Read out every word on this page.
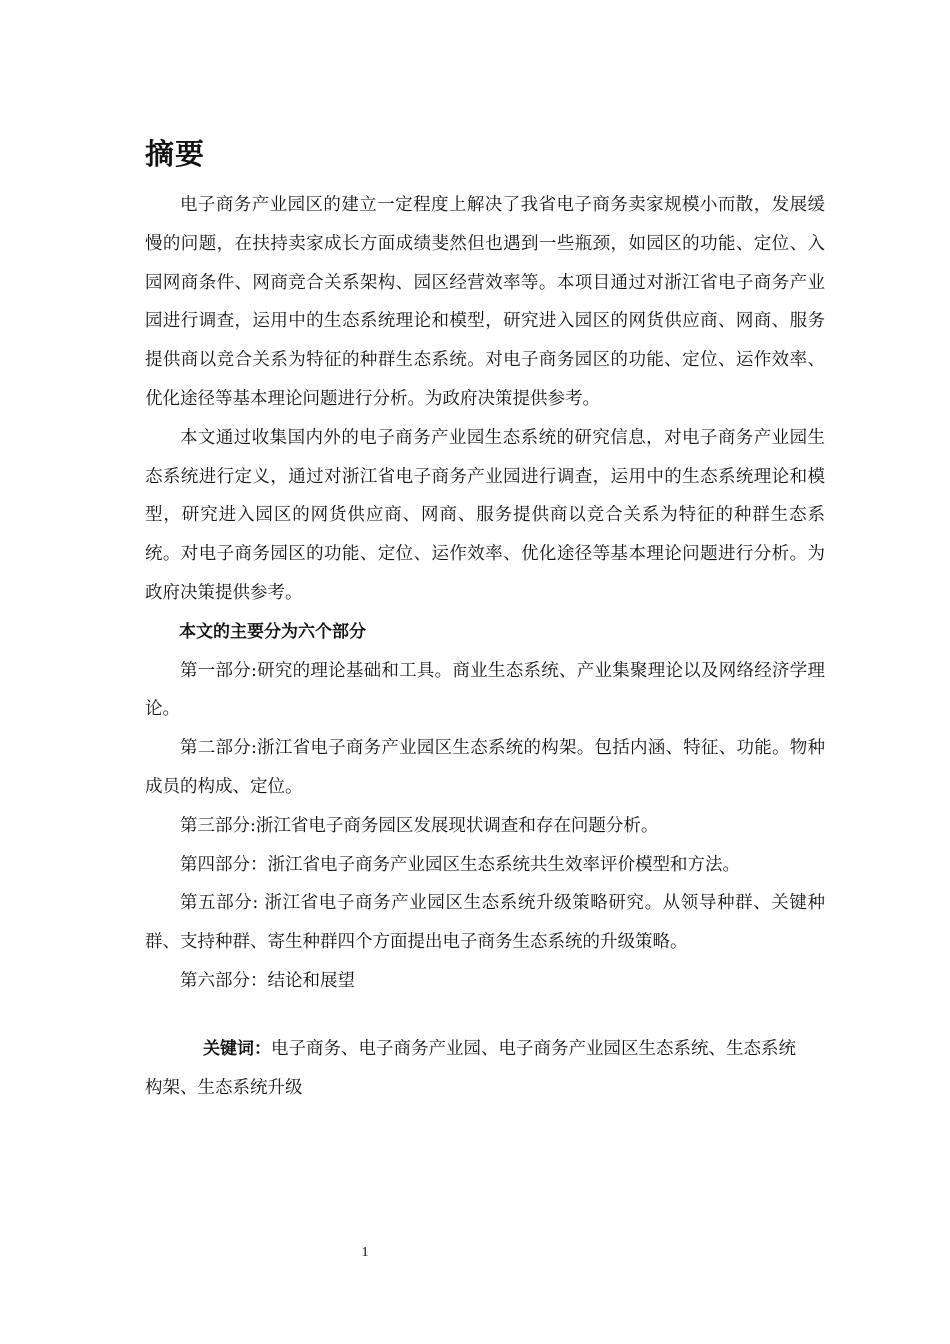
摘要

电子商务产业园区的建立一定程度上解决了我省电子商务卖家规模小而散，发展缓慢的问题，在扶持卖家成长方面成绩斐然但也遇到一些瓶颈，如园区的功能、定位、入园网商条件、网商竞合关系架构、园区经营效率等。本项目通过对浙江省电子商务产业园进行调查，运用中的生态系统理论和模型，研究进入园区的网货供应商、网商、服务提供商以竞合关系为特征的种群生态系统。对电子商务园区的功能、定位、运作效率、优化途径等基本理论问题进行分析。为政府决策提供参考。

本文通过收集国内外的电子商务产业园生态系统的研究信息，对电子商务产业园生态系统进行定义，通过对浙江省电子商务产业园进行调查，运用中的生态系统理论和模型，研究进入园区的网货供应商、网商、服务提供商以竞合关系为特征的种群生态系统。对电子商务园区的功能、定位、运作效率、优化途径等基本理论问题进行分析。为政府决策提供参考。

本文的主要分为六个部分

第一部分:研究的理论基础和工具。商业生态系统、产业集聚理论以及网络经济学理论。

第二部分:浙江省电子商务产业园区生态系统的构架。包括内涵、特征、功能。物种成员的构成、定位。

第三部分:浙江省电子商务园区发展现状调查和存在问题分析。

第四部分：浙江省电子商务产业园区生态系统共生效率评价模型和方法。

第五部分: 浙江省电子商务产业园区生态系统升级策略研究。从领导种群、关键种群、支持种群、寄生种群四个方面提出电子商务生态系统的升级策略。

第六部分：结论和展望

关键词：电子商务、电子商务产业园、电子商务产业园区生态系统、生态系统构架、生态系统升级

1
